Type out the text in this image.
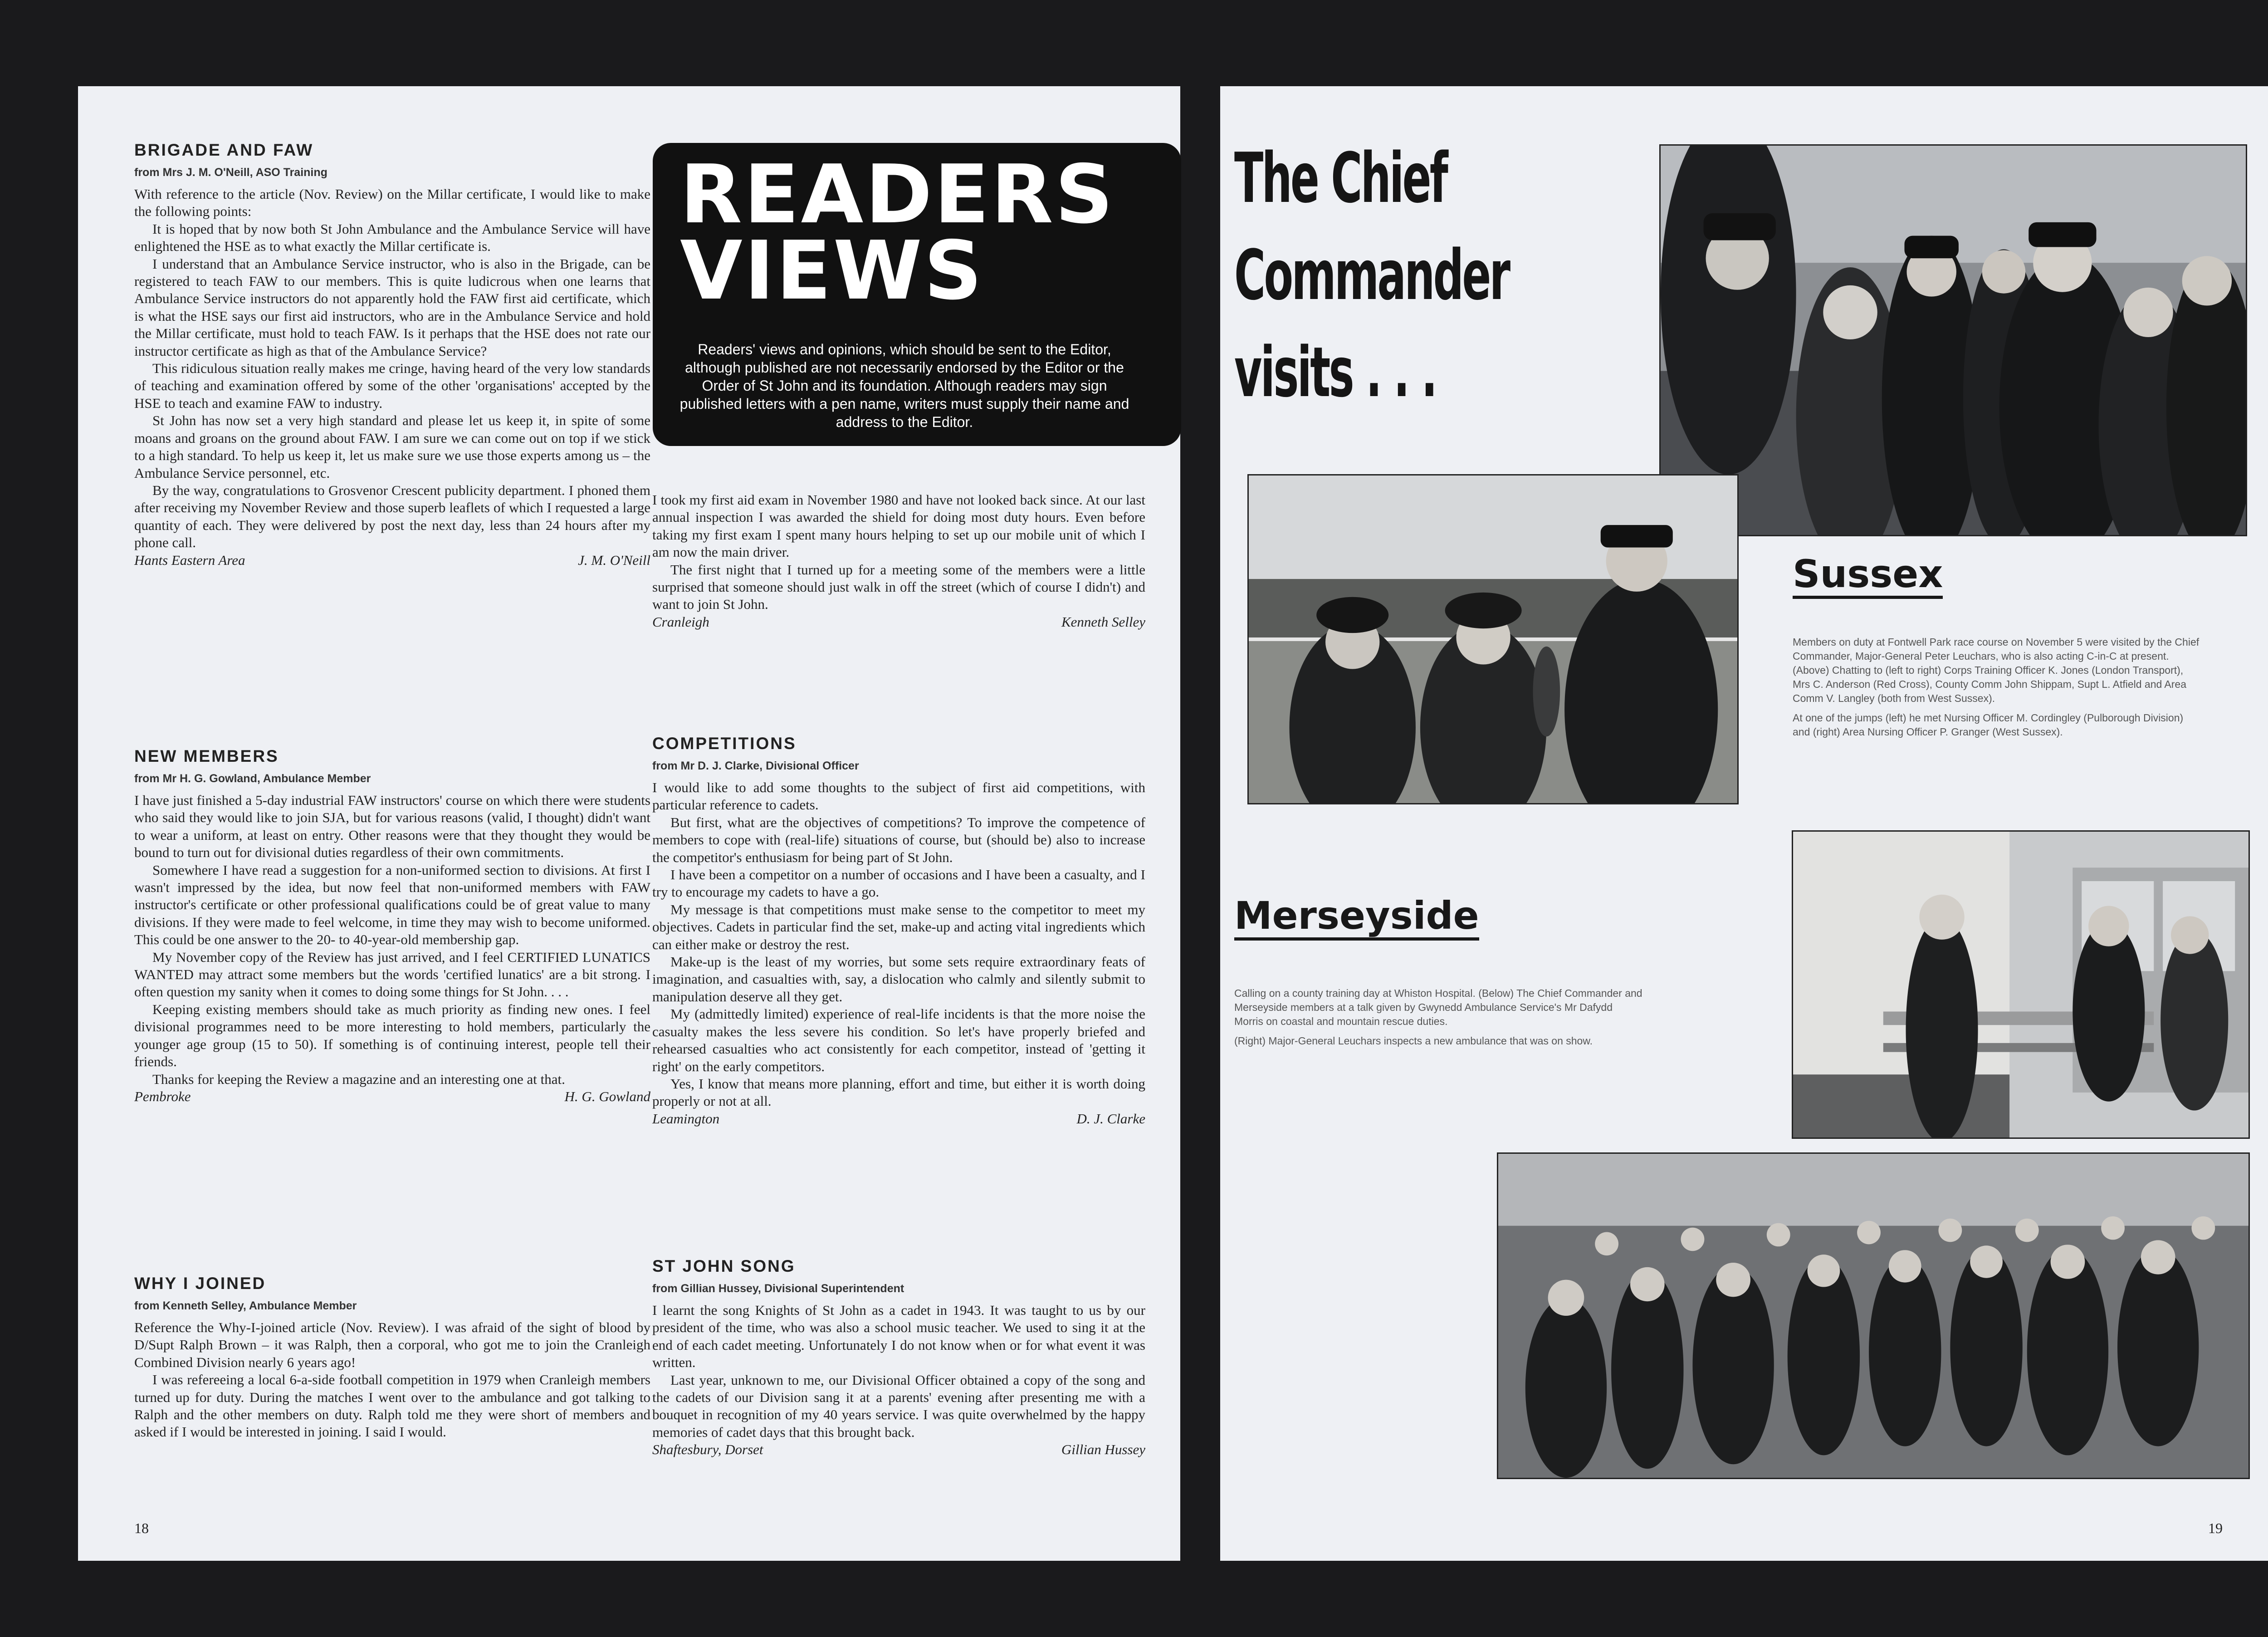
BRIGADE AND FAW
from Mrs J. M. O'Neill, ASO Training

With reference to the article (Nov. Review) on the Millar certificate, I would like to make the following points:

It is hoped that by now both St John Ambulance and the Ambulance Service will have enlightened the HSE as to what exactly the Millar certificate is.

I understand that an Ambulance Service instructor, who is also in the Brigade, can be registered to teach FAW to our members. This is quite ludicrous when one learns that Ambulance Service instructors do not apparently hold the FAW first aid certificate, which is what the HSE says our first aid instructors, who are in the Ambulance Service and hold the Millar certificate, must hold to teach FAW. Is it perhaps that the HSE does not rate our instructor certificate as high as that of the Ambulance Service?

This ridiculous situation really makes me cringe, having heard of the very low standards of teaching and examination offered by some of the other 'organisations' accepted by the HSE to teach and examine FAW to industry.

St John has now set a very high standard and please let us keep it, in spite of some moans and groans on the ground about FAW. I am sure we can come out on top if we stick to a high standard. To help us keep it, let us make sure we use those experts among us – the Ambulance Service personnel, etc.

By the way, congratulations to Grosvenor Crescent publicity department. I phoned them after receiving my November Review and those superb leaflets of which I requested a large quantity of each. They were delivered by post the next day, less than 24 hours after my phone call.

Hants Eastern Area	J. M. O'Neill
NEW MEMBERS
from Mr H. G. Gowland, Ambulance Member

I have just finished a 5-day industrial FAW instructors' course on which there were students who said they would like to join SJA, but for various reasons (valid, I thought) didn't want to wear a uniform, at least on entry. Other reasons were that they thought they would be bound to turn out for divisional duties regardless of their own commitments.

Somewhere I have read a suggestion for a non-uniformed section to divisions. At first I wasn't impressed by the idea, but now feel that non-uniformed members with FAW instructor's certificate or other professional qualifications could be of great value to many divisions. If they were made to feel welcome, in time they may wish to become uniformed. This could be one answer to the 20- to 40-year-old membership gap.

My November copy of the Review has just arrived, and I feel CERTIFIED LUNATICS WANTED may attract some members but the words 'certified lunatics' are a bit strong. I often question my sanity when it comes to doing some things for St John. . . .

Keeping existing members should take as much priority as finding new ones. I feel divisional programmes need to be more interesting to hold members, particularly the younger age group (15 to 50). If something is of continuing interest, people tell their friends.

Thanks for keeping the Review a magazine and an interesting one at that.

Pembroke	H. G. Gowland
WHY I JOINED
from Kenneth Selley, Ambulance Member

Reference the Why-I-joined article (Nov. Review). I was afraid of the sight of blood by D/Supt Ralph Brown – it was Ralph, then a corporal, who got me to join the Cranleigh Combined Division nearly 6 years ago!

I was refereeing a local 6-a-side football competition in 1979 when Cranleigh members turned up for duty. During the matches I went over to the ambulance and got talking to Ralph and the other members on duty. Ralph told me they were short of members and asked if I would be interested in joining. I said I would.

READERS
VIEWS
Readers' views and opinions, which should be sent to the Editor, although published are not necessarily endorsed by the Editor or the Order of St John and its foundation. Although readers may sign published letters with a pen name, writers must supply their name and address to the Editor.

I took my first aid exam in November 1980 and have not looked back since. At our last annual inspection I was awarded the shield for doing most duty hours. Even before taking my first exam I spent many hours helping to set up our mobile unit of which I am now the main driver.

The first night that I turned up for a meeting some of the members were a little surprised that someone should just walk in off the street (which of course I didn't) and want to join St John.

Cranleigh	Kenneth Selley
COMPETITIONS
from Mr D. J. Clarke, Divisional Officer

I would like to add some thoughts to the subject of first aid competitions, with particular reference to cadets.

But first, what are the objectives of competitions? To improve the competence of members to cope with (real-life) situations of course, but (should be) also to increase the competitor's enthusiasm for being part of St John.

I have been a competitor on a number of occasions and I have been a casualty, and I try to encourage my cadets to have a go.

My message is that competitions must make sense to the competitor to meet my objectives. Cadets in particular find the set, make-up and acting vital ingredients which can either make or destroy the rest.

Make-up is the least of my worries, but some sets require extraordinary feats of imagination, and casualties with, say, a dislocation who calmly and silently submit to manipulation deserve all they get.

My (admittedly limited) experience of real-life incidents is that the more noise the casualty makes the less severe his condition. So let's have properly briefed and rehearsed casualties who act consistently for each competitor, instead of 'getting it right' on the early competitors.

Yes, I know that means more planning, effort and time, but either it is worth doing properly or not at all.

Leamington	D. J. Clarke
ST JOHN SONG
from Gillian Hussey, Divisional Superintendent

I learnt the song Knights of St John as a cadet in 1943. It was taught to us by our president of the time, who was also a school music teacher. We used to sing it at the end of each cadet meeting. Unfortunately I do not know when or for what event it was written.

Last year, unknown to me, our Divisional Officer obtained a copy of the song and the cadets of our Division sang it at a parents' evening after presenting me with a bouquet in recognition of my 40 years service. I was quite overwhelmed by the happy memories of cadet days that this brought back.

Shaftesbury, Dorset	Gillian Hussey
18
The Chief
Commander
visits . . .
Sussex

Members on duty at Fontwell Park race course on November 5 were visited by the Chief Commander, Major-General Peter Leuchars, who is also acting C-in-C at present. (Above) Chatting to (left to right) Corps Training Officer K. Jones (London Transport), Mrs C. Anderson (Red Cross), County Comm John Shippam, Supt L. Atfield and Area Comm V. Langley (both from West Sussex).

At one of the jumps (left) he met Nursing Officer M. Cordingley (Pulborough Division) and (right) Area Nursing Officer P. Granger (West Sussex).

Merseyside

Calling on a county training day at Whiston Hospital. (Below) The Chief Commander and Merseyside members at a talk given by Gwynedd Ambulance Service's Mr Dafydd Morris on coastal and mountain rescue duties.

(Right) Major-General Leuchars inspects a new ambulance that was on show.

19
